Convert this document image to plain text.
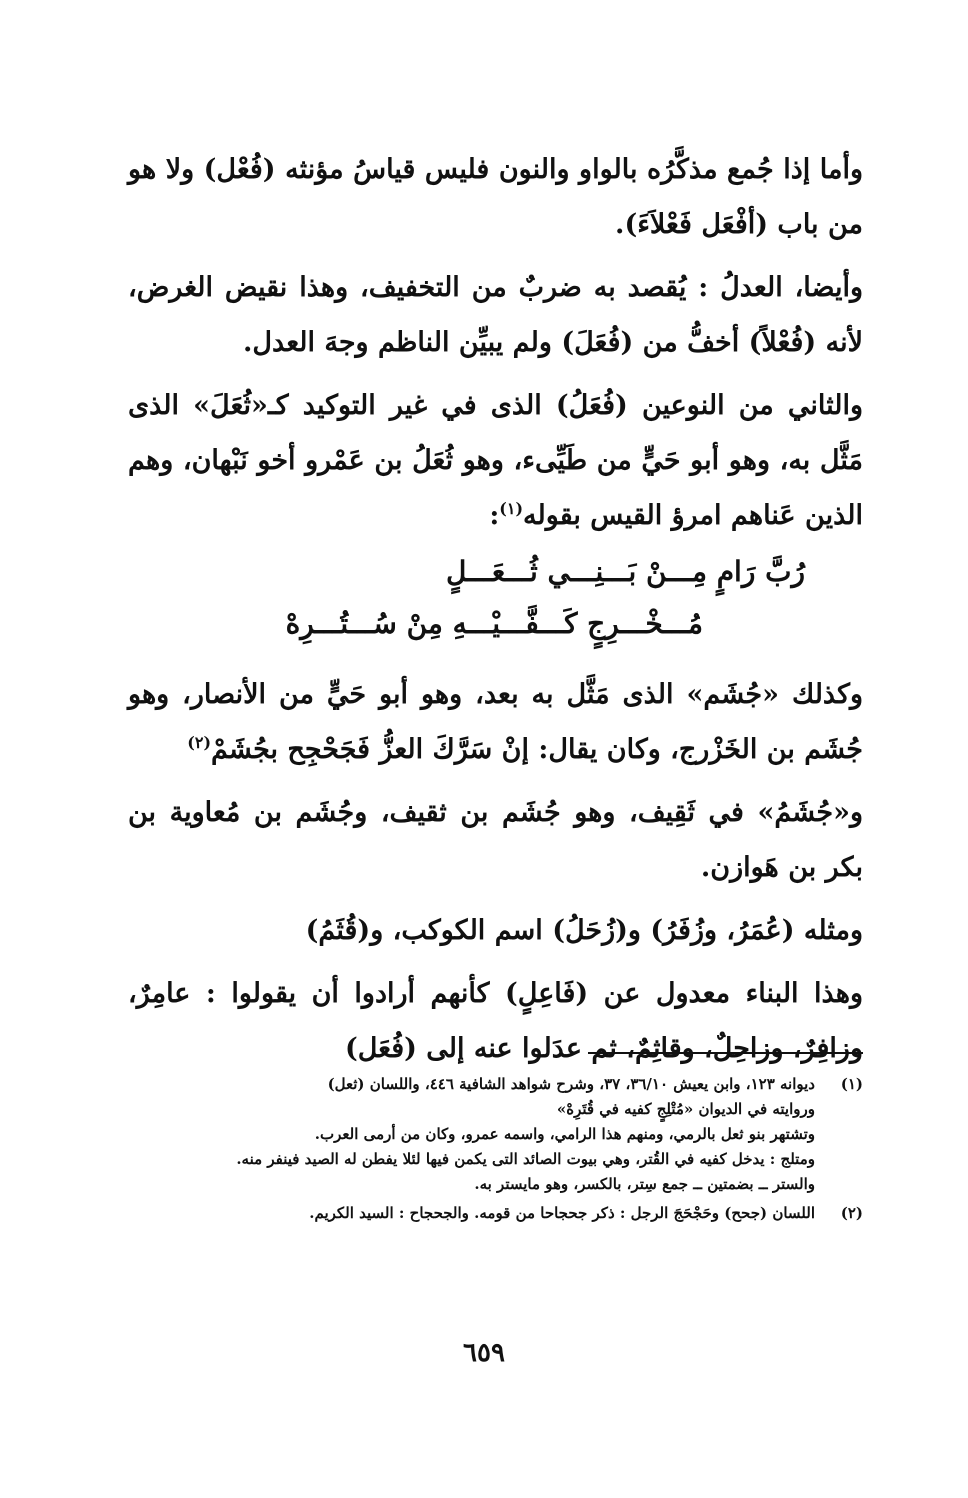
وأما إذا جُمع مذكَّرُه بالواو والنون فليس قياسُ مؤنثه (فُعْل) ولا هو من باب (أفْعَل فَعْلاَءَ).

وأيضا، العدلُ : يُقصد به ضربٌ من التخفيف، وهذا نقيض الغرض، لأنه (فُعْلاً) أخفُّ من (فُعَلَ) ولم يبيِّن الناظم وجهَ العدل.

والثاني من النوعين (فُعَلُ) الذى في غير التوكيد كـ«ثُعَلَ» الذى مَثَّل به، وهو أبو حَيٍّ من طَيِّىء، وهو ثُعَلُ بن عَمْرو أخو نَبْهان، وهم الذين عَناهم امرؤ القيس بقوله$^{(١)}$:

رُبَّ رَامٍ مِـــنْ بَـــنِـــي ثُـــعَـــلٍ
مُـــخْـــرِجٍ كَـــفَّـــيْـــهِ مِنْ سُـــتُـــرِهْ

وكذلك «جُشَم» الذى مَثَّل به بعد، وهو أبو حَيٍّ من الأنصار، وهو جُشَم بن الخَزْرج، وكان يقال: إنْ سَرَّكَ العزُّ فَجَحْجِح بجُشَمْ$^{(٢)}$

و«جُشَمُ» في ثَقِيف، وهو جُشَم بن ثقيف، وجُشَم بن مُعاوية بن بكر بن هَوازن.

ومثله (عُمَرُ، وزُفَرُ) و(زُحَلُ) اسم الكوكب، و(قُثَمُ)

وهذا البناء معدول عن (فَاعِلٍ) كأنهم أرادوا أن يقولوا : عامِرٌ، وزافِرٌ، وزاحِلٌ، وقاثِمٌ، ثم عدَلوا عنه إلى (فُعَل)

(١)
ديوانه ١٢٣، وابن يعيش ٣٦/١٠، ٣٧، وشرح شواهد الشافية ٤٤٦، واللسان (ثعل)
وروايته في الديوان «مُتْلِجٍ كفيه في قُتَرِهْ»
وتشتهر بنو ثعل بالرمي، ومنهم هذا الرامي، واسمه عمرو، وكان من أرمى العرب.
ومتلج : يدخل كفيه في القُتر، وهي بيوت الصائد التى يكمن فيها لئلا يفطن له الصيد فينفر منه.
والستر ــ بضمتين ــ جمع سِتر، بالكسر، وهو مايستر به.
(٢)
اللسان (جحح) وحَجْحَجَ الرجل : ذكر جحجاحا من قومه. والجحجاح : السيد الكريم.
٦٥٩
